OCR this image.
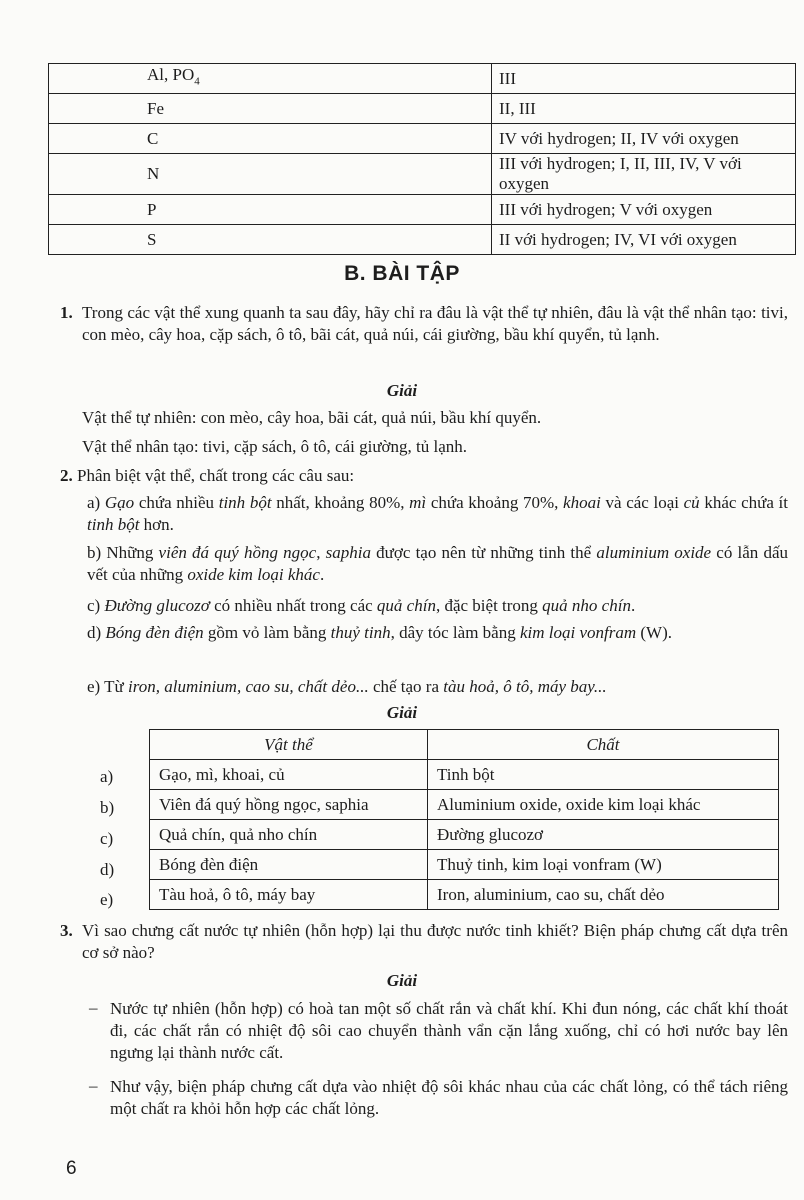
Al, $PO_4$	III
Fe	II, III
C	IV với hydrogen; II, IV với oxygen
N	III với hydrogen; I, II, III, IV, V với oxygen
P	III với hydrogen; V với oxygen
S	II với hydrogen; IV, VI với oxygen
B. BÀI TẬP
1. Trong các vật thể xung quanh ta sau đây, hãy chỉ ra đâu là vật thể tự nhiên, đâu là vật thể nhân tạo: tivi, con mèo, cây hoa, cặp sách, ô tô, bãi cát, quả núi, cái giường, bầu khí quyển, tủ lạnh.
Giải
Vật thể tự nhiên: con mèo, cây hoa, bãi cát, quả núi, bầu khí quyển.
Vật thể nhân tạo: tivi, cặp sách, ô tô, cái giường, tủ lạnh.
2. Phân biệt vật thể, chất trong các câu sau:
a) Gạo chứa nhiều tinh bột nhất, khoảng 80%, mì chứa khoảng 70%, khoai và các loại củ khác chứa ít tinh bột hơn.
b) Những viên đá quý hồng ngọc, saphia được tạo nên từ những tinh thể aluminium oxide có lẫn dấu vết của những oxide kim loại khác.
c) Đường glucozơ có nhiều nhất trong các quả chín, đặc biệt trong quả nho chín.
d) Bóng đèn điện gồm vỏ làm bằng thuỷ tinh, dây tóc làm bằng kim loại vonfram (W).
e) Từ iron, aluminium, cao su, chất dẻo... chế tạo ra tàu hoả, ô tô, máy bay...
Giải
a)
b)
c)
d)
e)
Vật thể	Chất
Gạo, mì, khoai, củ	Tinh bột
Viên đá quý hồng ngọc, saphia	Aluminium oxide, oxide kim loại khác
Quả chín, quả nho chín	Đường glucozơ
Bóng đèn điện	Thuỷ tinh, kim loại vonfram (W)
Tàu hoả, ô tô, máy bay	Iron, aluminium, cao su, chất dẻo
3. Vì sao chưng cất nước tự nhiên (hỗn hợp) lại thu được nước tinh khiết? Biện pháp chưng cất dựa trên cơ sở nào?
Giải
– Nước tự nhiên (hỗn hợp) có hoà tan một số chất rắn và chất khí. Khi đun nóng, các chất khí thoát đi, các chất rắn có nhiệt độ sôi cao chuyển thành vẩn cặn lắng xuống, chỉ có hơi nước bay lên ngưng lại thành nước cất.
– Như vậy, biện pháp chưng cất dựa vào nhiệt độ sôi khác nhau của các chất lỏng, có thể tách riêng một chất ra khỏi hỗn hợp các chất lỏng.
6
